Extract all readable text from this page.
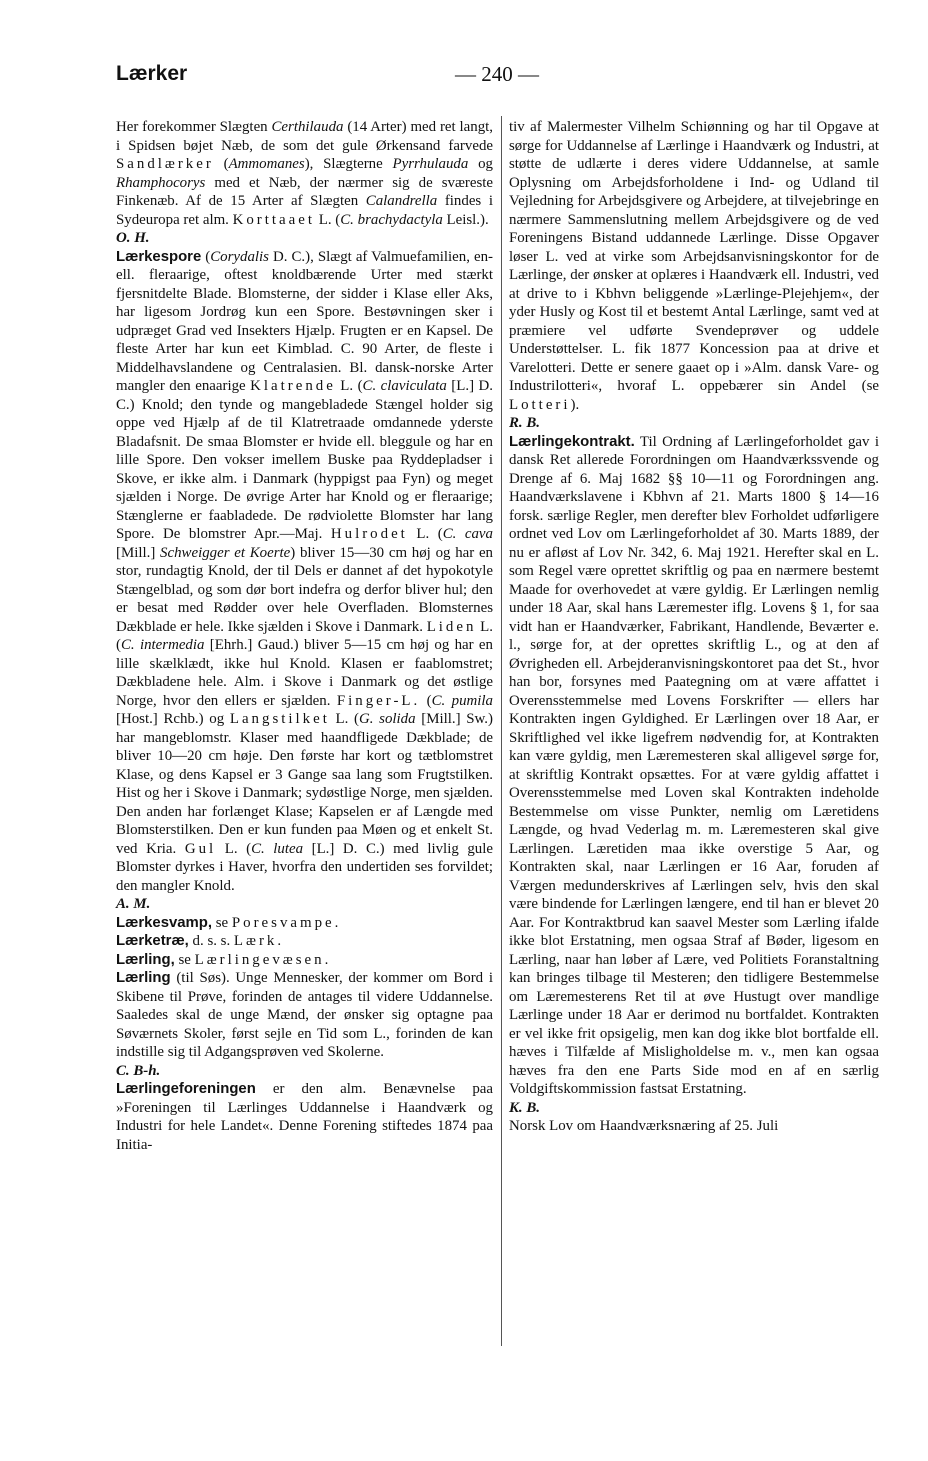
Lærker	— 240 —

Her forekommer Slægten Certhilauda (14 Arter) med ret langt, i Spidsen bøjet Næb, de som det gule Ørkensand farvede Sandlærker (Ammomanes), Slægterne Pyrrhulauda og Rhamphocorys med et Næb, der nærmer sig de sværeste Finkenæb. Af de 15 Arter af Slægten Calandrella findes i Sydeuropa ret alm. Korttaaet L. (C. brachydactyla Leisl.).

O. H.

Lærkespore (Corydalis D. C.), Slægt af Valmuefamilien, en- ell. fleraarige, oftest knoldbærende Urter med stærkt fjersnitdelte Blade. Blomsterne, der sidder i Klase eller Aks, har ligesom Jordrøg kun een Spore. Bestøvningen sker i udpræget Grad ved Insekters Hjælp. Frugten er en Kapsel. De fleste Arter har kun eet Kimblad. C. 90 Arter, de fleste i Middelhavslandene og Centralasien. Bl. dansk-norske Arter mangler den enaarige Klatrende L. (C. claviculata [L.] D. C.) Knold; den tynde og mangebladede Stængel holder sig oppe ved Hjælp af de til Klatretraade omdannede yderste Bladafsnit. De smaa Blomster er hvide ell. bleggule og har en lille Spore. Den vokser imellem Buske paa Ryddepladser i Skove, er ikke alm. i Danmark (hyppigst paa Fyn) og meget sjælden i Norge. De øvrige Arter har Knold og er fleraarige; Stænglerne er faabladede. De rødviolette Blomster har lang Spore. De blomstrer Apr.—Maj. Hulrodet L. (C. cava [Mill.] Schweigger et Koerte) bliver 15—30 cm høj og har en stor, rundagtig Knold, der til Dels er dannet af det hypokotyle Stængelblad, og som dør bort indefra og derfor bliver hul; den er besat med Rødder over hele Overfladen. Blomsternes Dækblade er hele. Ikke sjælden i Skove i Danmark. Liden L. (C. intermedia [Ehrh.] Gaud.) bliver 5—15 cm høj og har en lille skælklædt, ikke hul Knold. Klasen er faablomstret; Dækbladene hele. Alm. i Skove i Danmark og det østlige Norge, hvor den ellers er sjælden. Finger-L. (C. pumila [Host.] Rchb.) og Langstilket L. (G. solida [Mill.] Sw.) har mangeblomstr. Klaser med haandfligede Dækblade; de bliver 10—20 cm høje. Den første har kort og tætblomstret Klase, og dens Kapsel er 3 Gange saa lang som Frugtstilken. Hist og her i Skove i Danmark; sydøstlige Norge, men sjælden. Den anden har forlænget Klase; Kapselen er af Længde med Blomsterstilken. Den er kun funden paa Møen og et enkelt St. ved Kria. Gul L. (C. lutea [L.] D. C.) med livlig gule Blomster dyrkes i Haver, hvorfra den undertiden ses forvildet; den mangler Knold.

A. M.

Lærkesvamp, se Poresvampe.

Lærketræ, d. s. s. Lærk.

Lærling, se Lærlingevæsen.

Lærling (til Søs). Unge Mennesker, der kommer om Bord i Skibene til Prøve, forinden de antages til videre Uddannelse. Saaledes skal de unge Mænd, der ønsker sig optagne paa Søværnets Skoler, først sejle en Tid som L., forinden de kan indstille sig til Adgangsprøven ved Skolerne.

C. B-h.

Lærlingeforeningen er den alm. Benævnelse paa »Foreningen til Lærlinges Uddannelse i Haandværk og Industri for hele Landet«. Denne Forening stiftedes 1874 paa Initia-

tiv af Malermester Vilhelm Schiønning og har til Opgave at sørge for Uddannelse af Lærlinge i Haandværk og Industri, at støtte de udlærte i deres videre Uddannelse, at samle Oplysning om Arbejdsforholdene i Ind- og Udland til Vejledning for Arbejdsgivere og Arbejdere, at tilvejebringe en nærmere Sammenslutning mellem Arbejdsgivere og de ved Foreningens Bistand uddannede Lærlinge. Disse Opgaver løser L. ved at virke som Arbejdsanvisningskontor for de Lærlinge, der ønsker at oplæres i Haandværk ell. Industri, ved at drive to i Kbhvn beliggende »Lærlinge-Plejehjem«, der yder Husly og Kost til et bestemt Antal Lærlinge, samt ved at præmiere vel udførte Svendeprøver og uddele Understøttelser. L. fik 1877 Koncession paa at drive et Varelotteri. Dette er senere gaaet op i »Alm. dansk Vare- og Industrilotteri«, hvoraf L. oppebærer sin Andel (se Lotteri).

R. B.

Lærlingekontrakt. Til Ordning af Lærlingeforholdet gav i dansk Ret allerede Forordningen om Haandværkssvende og Drenge af 6. Maj 1682 §§ 10—11 og Forordningen ang. Haandværkslavene i Kbhvn af 21. Marts 1800 § 14—16 forsk. særlige Regler, men derefter blev Forholdet udførligere ordnet ved Lov om Lærlingeforholdet af 30. Marts 1889, der nu er afløst af Lov Nr. 342, 6. Maj 1921. Herefter skal en L. som Regel være oprettet skriftlig og paa en nærmere bestemt Maade for overhovedet at være gyldig. Er Lærlingen nemlig under 18 Aar, skal hans Læremester iflg. Lovens § 1, for saa vidt han er Haandværker, Fabrikant, Handlende, Beværter e. l., sørge for, at der oprettes skriftlig L., og at den af Øvrigheden ell. Arbejderanvisningskontoret paa det St., hvor han bor, forsynes med Paategning om at være affattet i Overensstemmelse med Lovens Forskrifter — ellers har Kontrakten ingen Gyldighed. Er Lærlingen over 18 Aar, er Skriftlighed vel ikke ligefrem nødvendig for, at Kontrakten kan være gyldig, men Læremesteren skal alligevel sørge for, at skriftlig Kontrakt opsættes. For at være gyldig affattet i Overensstemmelse med Loven skal Kontrakten indeholde Bestemmelse om visse Punkter, nemlig om Læretidens Længde, og hvad Vederlag m. m. Læremesteren skal give Lærlingen. Læretiden maa ikke overstige 5 Aar, og Kontrakten skal, naar Lærlingen er 16 Aar, foruden af Værgen medunderskrives af Lærlingen selv, hvis den skal være bindende for Lærlingen længere, end til han er blevet 20 Aar. For Kontraktbrud kan saavel Mester som Lærling ifalde ikke blot Erstatning, men ogsaa Straf af Bøder, ligesom en Lærling, naar han løber af Lære, ved Politiets Foranstaltning kan bringes tilbage til Mesteren; den tidligere Bestemmelse om Læremesterens Ret til at øve Hustugt over mandlige Lærlinge under 18 Aar er derimod nu bortfaldet. Kontrakten er vel ikke frit opsigelig, men kan dog ikke blot bortfalde ell. hæves i Tilfælde af Misligholdelse m. v., men kan ogsaa hæves fra den ene Parts Side mod en af en særlig Voldgiftskommission fastsat Erstatning.

K. B.

Norsk Lov om Haandværksnæring af 25. Juli
